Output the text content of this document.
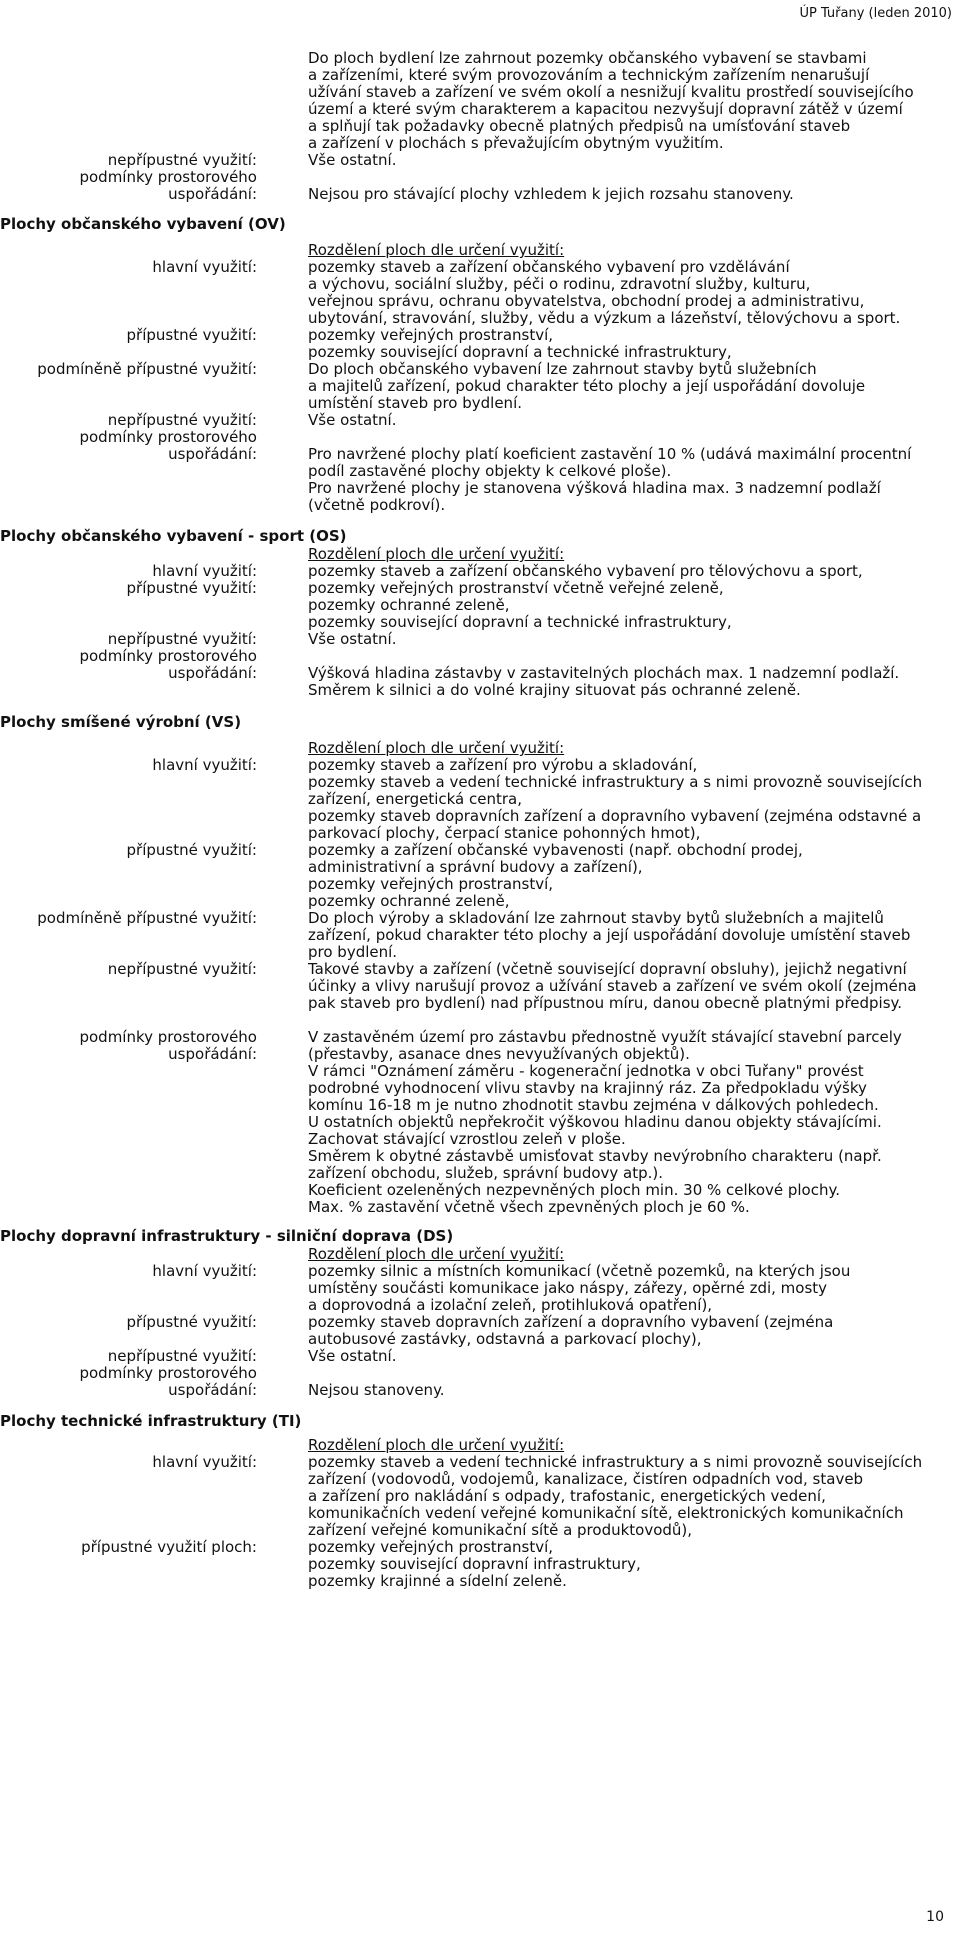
ÚP Tuřany (leden 2010)
Do ploch bydlení lze zahrnout pozemky občanského vybavení se stavbami
a zařízeními, které svým provozováním a technickým zařízením nenarušují
užívání staveb a zařízení ve svém okolí a nesnižují kvalitu prostředí souvisejícího
území a které svým charakterem a kapacitou nezvyšují dopravní zátěž v území
a splňují tak požadavky obecně platných předpisů na umísťování staveb
a zařízení v plochách s převažujícím obytným využitím.
nepřípustné využití:	Vše ostatní.
podmínky prostorového
uspořádání:	Nejsou pro stávající plochy vzhledem k jejich rozsahu stanoveny.
Plochy občanského vybavení (OV)
Rozdělení ploch dle určení využití:
hlavní využití:	pozemky staveb a zařízení občanského vybavení pro vzdělávání
a výchovu, sociální služby, péči o rodinu, zdravotní služby, kulturu,
veřejnou správu, ochranu obyvatelstva, obchodní prodej a administrativu,
ubytování, stravování, služby, vědu a výzkum a lázeňství, tělovýchovu a sport.
přípustné využití:	pozemky veřejných prostranství,
pozemky související dopravní a technické infrastruktury,
podmíněně přípustné využití:	Do ploch občanského vybavení lze zahrnout stavby bytů služebních
a majitelů zařízení, pokud charakter této plochy a její uspořádání dovoluje
umístění staveb pro bydlení.
nepřípustné využití:	Vše ostatní.
podmínky prostorového
uspořádání:	Pro navržené plochy platí koeficient zastavění 10 % (udává maximální procentní
podíl zastavěné plochy objekty k celkové ploše).
Pro navržené plochy je stanovena výšková hladina max. 3 nadzemní podlaží
(včetně podkroví).
Plochy občanského vybavení - sport (OS)
Rozdělení ploch dle určení využití:
hlavní využití:	pozemky staveb a zařízení občanského vybavení pro tělovýchovu a sport,
přípustné využití:	pozemky veřejných prostranství včetně veřejné zeleně,
pozemky ochranné zeleně,
pozemky související dopravní a technické infrastruktury,
nepřípustné využití:	Vše ostatní.
podmínky prostorového
uspořádání:	Výšková hladina zástavby v zastavitelných plochách max. 1 nadzemní podlaží.
Směrem k silnici a do volné krajiny situovat pás ochranné zeleně.
Plochy smíšené výrobní (VS)
Rozdělení ploch dle určení využití:
hlavní využití:	pozemky staveb a zařízení pro výrobu a skladování,
pozemky staveb a vedení technické infrastruktury a s nimi provozně souvisejících
zařízení, energetická centra,
pozemky staveb dopravních zařízení a dopravního vybavení (zejména odstavné a
parkovací plochy, čerpací stanice pohonných hmot),
přípustné využití:	pozemky a zařízení občanské vybavenosti (např. obchodní prodej,
administrativní a správní budovy a zařízení),
pozemky veřejných prostranství,
pozemky ochranné zeleně,
podmíněně přípustné využití:	Do ploch výroby a skladování lze zahrnout stavby bytů služebních a majitelů
zařízení, pokud charakter této plochy a její uspořádání dovoluje umístění staveb
pro bydlení.
nepřípustné využití:	Takové stavby a zařízení (včetně související dopravní obsluhy), jejichž negativní
účinky a vlivy narušují provoz a užívání staveb a zařízení ve svém okolí (zejména
pak staveb pro bydlení) nad přípustnou míru, danou obecně platnými předpisy.
podmínky prostorového
uspořádání:
V zastavěném území pro zástavbu přednostně využít stávající stavební parcely
(přestavby, asanace dnes nevyužívaných objektů).
V rámci "Oznámení záměru - kogenerační jednotka v obci Tuřany" provést
podrobné vyhodnocení vlivu stavby na krajinný ráz. Za předpokladu výšky
komínu 16-18 m je nutno zhodnotit stavbu zejména v dálkových pohledech.
U ostatních objektů nepřekročit výškovou hladinu danou objekty stávajícími.
Zachovat stávající vzrostlou zeleň v ploše.
Směrem k obytné zástavbě umisťovat stavby nevýrobního charakteru (např.
zařízení obchodu, služeb, správní budovy atp.).
Koeficient ozeleněných nezpevněných ploch min. 30 % celkové plochy.
Max. % zastavění včetně všech zpevněných ploch je 60 %.
Plochy dopravní infrastruktury - silniční doprava (DS)
Rozdělení ploch dle určení využití:
hlavní využití:	pozemky silnic a místních komunikací (včetně pozemků, na kterých jsou
umístěny součásti komunikace jako náspy, zářezy, opěrné zdi, mosty
a doprovodná a izolační zeleň, protihluková opatření),
přípustné využití:	pozemky staveb dopravních zařízení a dopravního vybavení (zejména
autobusové zastávky, odstavná a parkovací plochy),
nepřípustné využití:	Vše ostatní.
podmínky prostorového
uspořádání:	Nejsou stanoveny.
Plochy technické infrastruktury (TI)
Rozdělení ploch dle určení využití:
hlavní využití:	pozemky staveb a vedení technické infrastruktury a s nimi provozně souvisejících
zařízení (vodovodů, vodojemů, kanalizace, čistíren odpadních vod, staveb
a zařízení pro nakládání s odpady, trafostanic, energetických vedení,
komunikačních vedení veřejné komunikační sítě, elektronických komunikačních
zařízení veřejné komunikační sítě a produktovodů),
přípustné využití ploch:	pozemky veřejných prostranství,
pozemky související dopravní infrastruktury,
pozemky krajinné a sídelní zeleně.
10
